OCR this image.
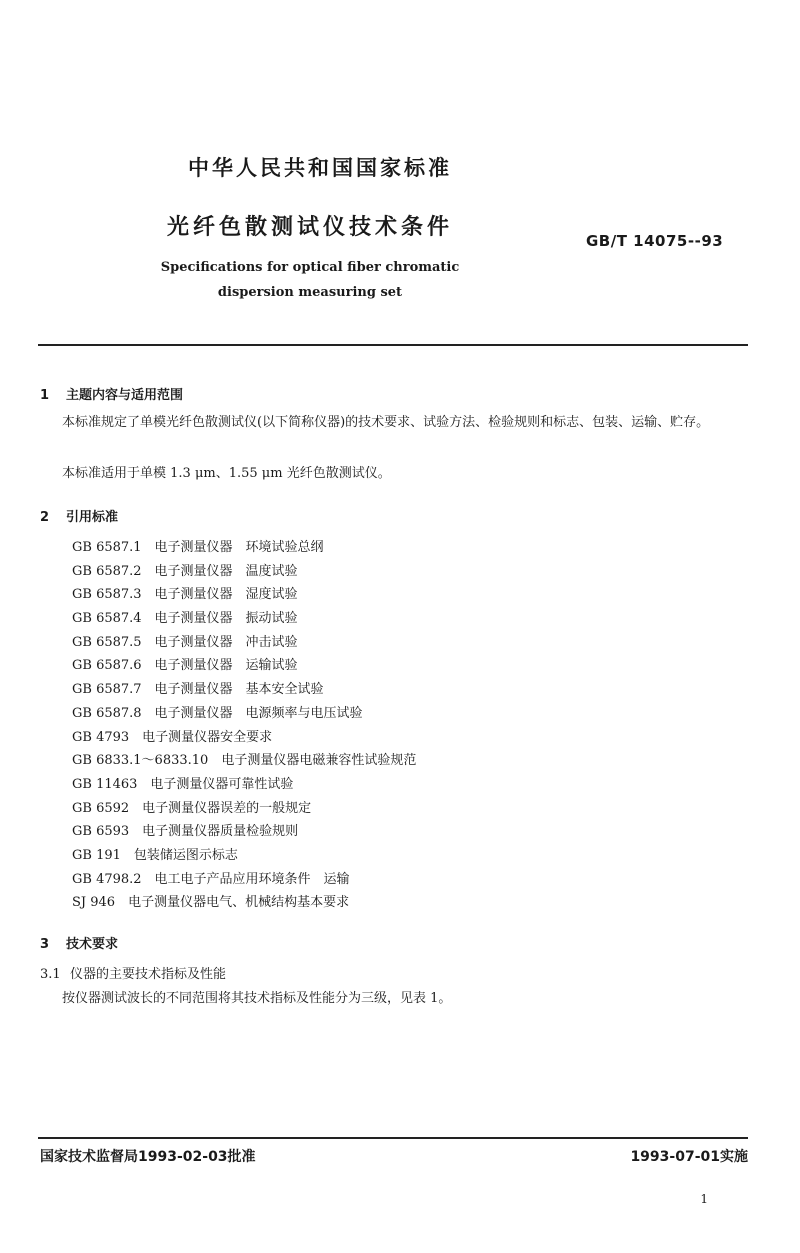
中华人民共和国国家标准
光纤色散测试仪技术条件
GB/T 14075--93
Specifications for optical fiber chromatic
dispersion measuring set
1 主题内容与适用范围
本标准规定了单模光纤色散测试仪(以下简称仪器)的技术要求、试验方法、检验规则和标志、包装、运输、贮存。
本标准适用于单模 1.3 μm、1.55 μm 光纤色散测试仪。
2 引用标准
GB 6587.1　电子测量仪器　环境试验总纲
GB 6587.2　电子测量仪器　温度试验
GB 6587.3　电子测量仪器　湿度试验
GB 6587.4　电子测量仪器　振动试验
GB 6587.5　电子测量仪器　冲击试验
GB 6587.6　电子测量仪器　运输试验
GB 6587.7　电子测量仪器　基本安全试验
GB 6587.8　电子测量仪器　电源频率与电压试验
GB 4793　电子测量仪器安全要求
GB 6833.1～6833.10　电子测量仪器电磁兼容性试验规范
GB 11463　电子测量仪器可靠性试验
GB 6592　电子测量仪器误差的一般规定
GB 6593　电子测量仪器质量检验规则
GB 191　包装储运图示标志
GB 4798.2　电工电子产品应用环境条件　运输
SJ 946　电子测量仪器电气、机械结构基本要求
3 技术要求
3.1 仪器的主要技术指标及性能
按仪器测试波长的不同范围将其技术指标及性能分为三级，见表 1。
国家技术监督局1993-02-03批准	1993-07-01实施
1
